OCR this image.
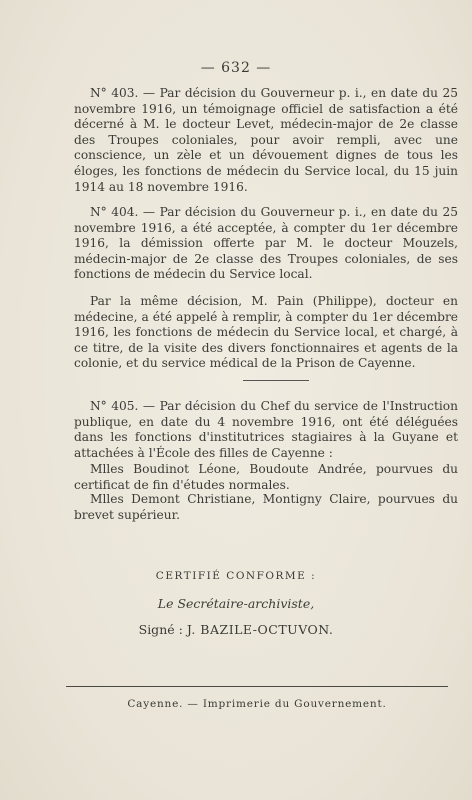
— 632 —

N° 403. — Par décision du Gouverneur p. i., en date du 25 novembre 1916, un témoignage officiel de satisfaction a été décerné à M. le docteur Levet, médecin-major de 2e classe des Troupes coloniales, pour avoir rempli, avec une conscience, un zèle et un dévouement dignes de tous les éloges, les fonctions de médecin du Service local, du 15 juin 1914 au 18 novembre 1916.

N° 404. — Par décision du Gouverneur p. i., en date du 25 novembre 1916, a été acceptée, à compter du 1er décembre 1916, la démission offerte par M. le docteur Mouzels, médecin-major de 2e classe des Troupes coloniales, de ses fonctions de médecin du Service local.

Par la même décision, M. Pain (Philippe), docteur en médecine, a été appelé à remplir, à compter du 1er décembre 1916, les fonctions de médecin du Service local, et chargé, à ce titre, de la visite des divers fonctionnaires et agents de la colonie, et du service médical de la Prison de Cayenne.

N° 405. — Par décision du Chef du service de l'Instruction publique, en date du 4 novembre 1916, ont été déléguées dans les fonctions d'institutrices stagiaires à la Guyane et attachées à l'École des filles de Cayenne :

Mlles Boudinot Léone, Boudoute Andrée, pourvues du certificat de fin d'études normales.

Mlles Demont Christiane, Montigny Claire, pourvues du brevet supérieur.

CERTIFIÉ CONFORME :
Le Secrétaire-archiviste,
Signé : J. BAZILE-OCTUVON.
Cayenne. — Imprimerie du Gouvernement.
